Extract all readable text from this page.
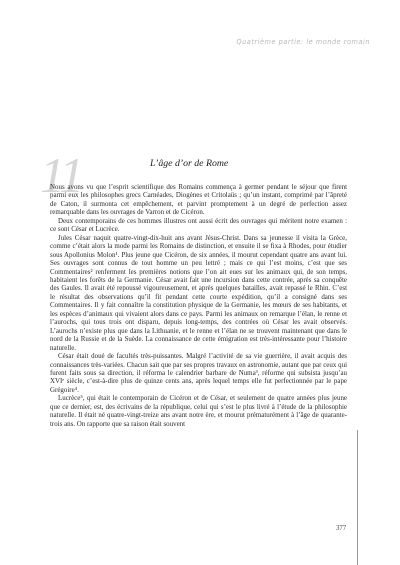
Quatrième partie: le monde romain
11	L’âge d’or de Rome

Nous avons vu que l’esprit scientifique des Romains commença à germer pendant le séjour que firent parmi eux les philosophes grecs Carnéades, Diogènes et Critolaüs ; qu’un instant, comprimé par l’âpreté de Caton, il surmonta cet empêchement, et parvint promptement à un degré de perfection assez remarquable dans les ouvrages de Varron et de Cicéron.

Deux contemporains de ces hommes illustres ont aussi écrit des ouvrages qui méritent notre examen : ce sont César et Lucrèce.

Jules César naquit quatre-vingt-dix-huit ans avant Jésus-Christ. Dans sa jeunesse il visita la Grèce, comme c’était alors la mode parmi les Romains de distinction, et ensuite il se fixa à Rhodes, pour étudier sous Apollonius Molon¹. Plus jeune que Cicéron, de six années, il mourut cependant quatre ans avant lui. Ses ouvrages sont connus de tout homme un peu lettré ; mais ce qui l’est moins, c’est que ses Commentaires² renferment les premières notions que l’on ait eues sur les animaux qui, de son temps, habitaient les forêts de la Germanie. César avait fait une incursion dans cette contrée, après sa conquête des Gaules. Il avait été repoussé vigoureusement, et après quelques batailles, avait repassé le Rhin. C’est le résultat des observations qu’il fit pendant cette courte expédition, qu’il a consigné dans ses Commentaires. Il y fait connaître la constitution physique de la Germanie, les mœurs de ses habitants, et les espèces d’animaux qui vivaient alors dans ce pays. Parmi les animaux on remarque l’élan, le renne et l’aurochs, qui tous trois ont disparu, depuis long-temps, des contrées où César les avait observés. L’aurochs n’existe plus que dans la Lithuanie, et le renne et l’élan ne se trouvent maintenant que dans le nord de la Russie et de la Suède. La connaissance de cette émigration est très-intéressante pour l’histoire naturelle.

César était doué de facultés très-puissantes. Malgré l’activité de sa vie guerrière, il avait acquis des connaissances très-variées. Chacun sait que par ses propres travaux en astronomie, autant que par ceux qui furent faits sous sa direction, il réforma le calendrier barbare de Numa³, réforme qui subsista jusqu’au XVIᵉ siècle, c’est-à-dire plus de quinze cents ans, après lequel temps elle fut perfectionnée par le pape Grégoire⁴.

Lucrèce⁵, qui était le contemporain de Cicéron et de César, et seulement de quatre années plus jeune que ce dernier, est, des écrivains de la république, celui qui s’est le plus livré à l’étude de la philosophie naturelle. Il était né quatre-vingt-treize ans avant notre ère, et mourut prématurément à l’âge de quarante-trois ans. On rapporte que sa raison était souvent

377
